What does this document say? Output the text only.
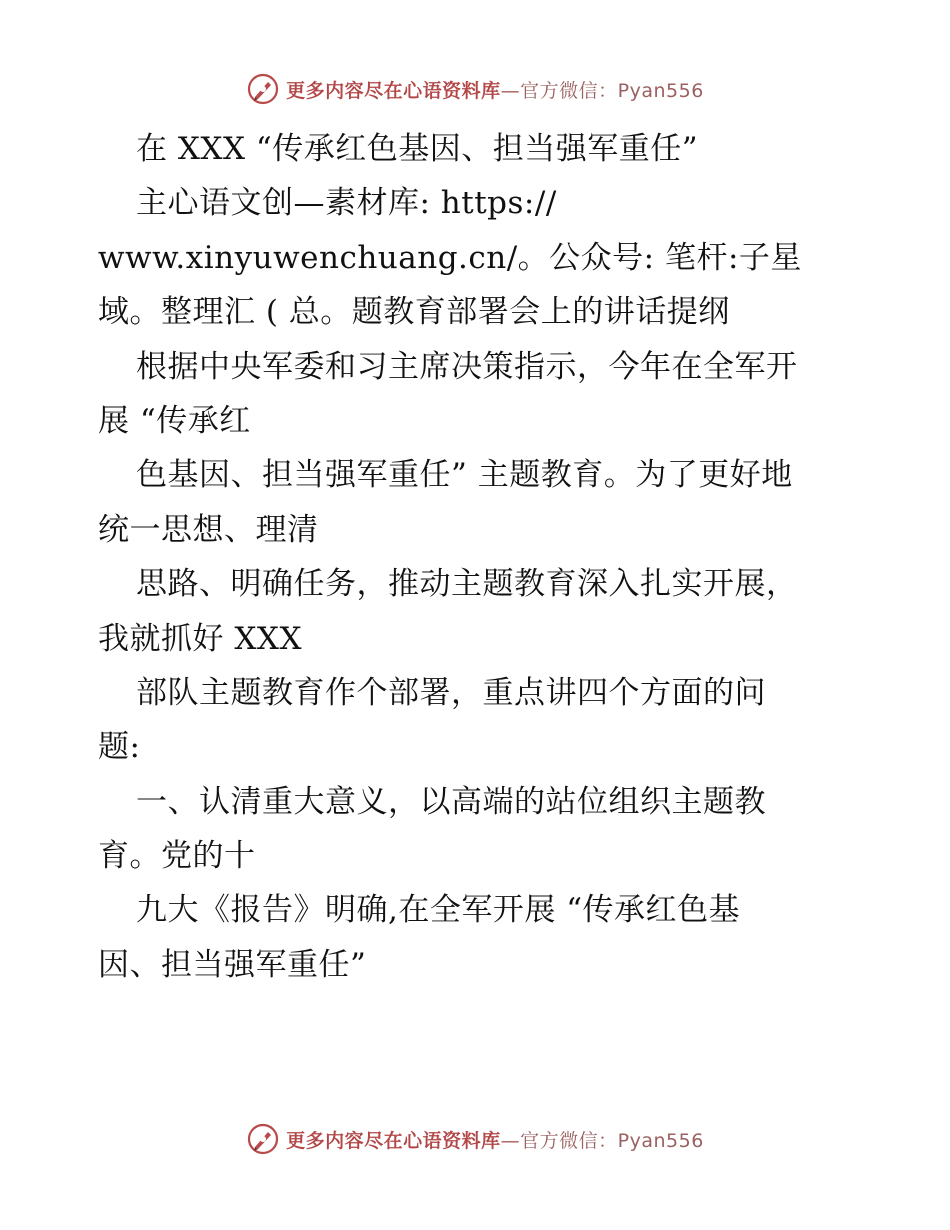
更多内容尽在心语资料库—官方微信：Pyan556
在 XXX “传承红色基因、担当强军重任”
主心语文创—素材库: https://
www.xinyuwenchuang.cn/。公众号: 笔杆:子星
域。整理汇 ( 总。题教育部署会上的讲话提纲
根据中央军委和习主席决策指示，今年在全军开
展 “传承红
色基因、担当强军重任” 主题教育。为了更好地
统一思想、理清
思路、明确任务，推动主题教育深入扎实开展，
我就抓好 XXX
部队主题教育作个部署，重点讲四个方面的问
题:
一、认清重大意义，以高端的站位组织主题教
育。党的十
九大《报告》明确,在全军开展 “传承红色基
因、担当强军重任”
更多内容尽在心语资料库—官方微信：Pyan556
